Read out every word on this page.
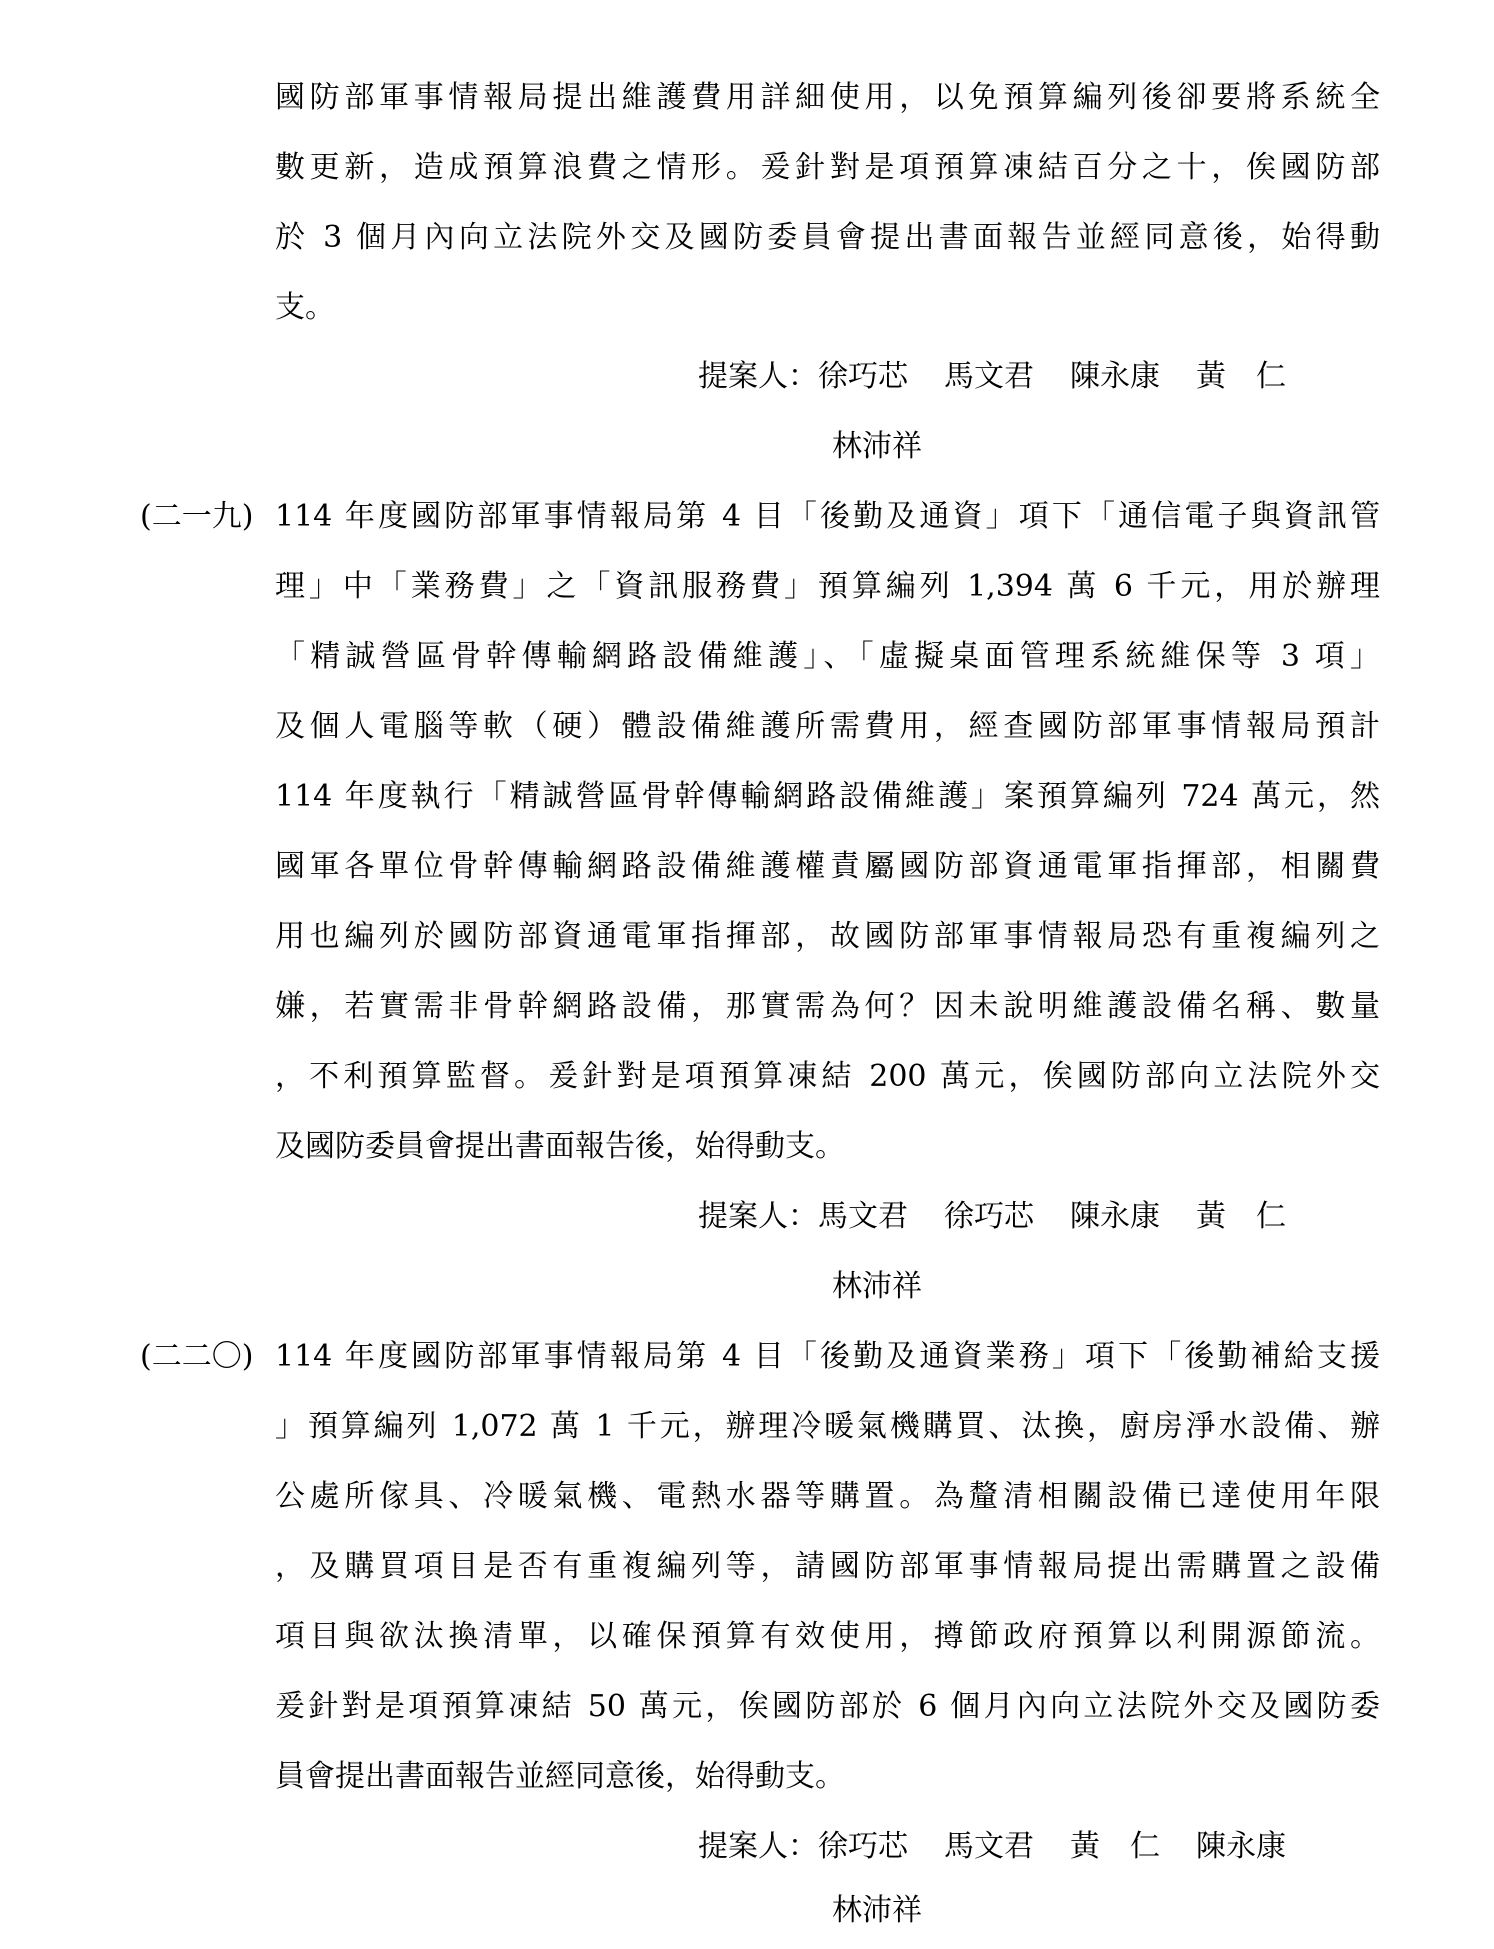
國防部軍事情報局提出維護費用詳細使用，以免預算編列後卻要將系統全
數更新，造成預算浪費之情形。爰針對是項預算凍結百分之十，俟國防部
於 3 個月內向立法院外交及國防委員會提出書面報告並經同意後，始得動
支。
提案人：徐巧芯 馬文君 陳永康 黃　仁
林沛祥
(二一九) 114 年度國防部軍事情報局第 4 目「後勤及通資」項下「通信電子與資訊管
理」中「業務費」之「資訊服務費」預算編列 1,394 萬 6 千元，用於辦理
「精誠營區骨幹傳輸網路設備維護」、「虛擬桌面管理系統維保等 3 項」
及個人電腦等軟（硬）體設備維護所需費用，經查國防部軍事情報局預計
114 年度執行「精誠營區骨幹傳輸網路設備維護」案預算編列 724 萬元，然
國軍各單位骨幹傳輸網路設備維護權責屬國防部資通電軍指揮部，相關費
用也編列於國防部資通電軍指揮部，故國防部軍事情報局恐有重複編列之
嫌，若實需非骨幹網路設備，那實需為何？因未說明維護設備名稱、數量
，不利預算監督。爰針對是項預算凍結 200 萬元，俟國防部向立法院外交
及國防委員會提出書面報告後，始得動支。
提案人：馬文君 徐巧芯 陳永康 黃　仁
林沛祥
(二二〇) 114 年度國防部軍事情報局第 4 目「後勤及通資業務」項下「後勤補給支援
」預算編列 1,072 萬 1 千元，辦理冷暖氣機購買、汰換，廚房淨水設備、辦
公處所傢具、冷暖氣機、電熱水器等購置。為釐清相關設備已達使用年限
，及購買項目是否有重複編列等，請國防部軍事情報局提出需購置之設備
項目與欲汰換清單，以確保預算有效使用，撙節政府預算以利開源節流。
爰針對是項預算凍結 50 萬元，俟國防部於 6 個月內向立法院外交及國防委
員會提出書面報告並經同意後，始得動支。
提案人：徐巧芯 馬文君 黃　仁 陳永康
林沛祥
